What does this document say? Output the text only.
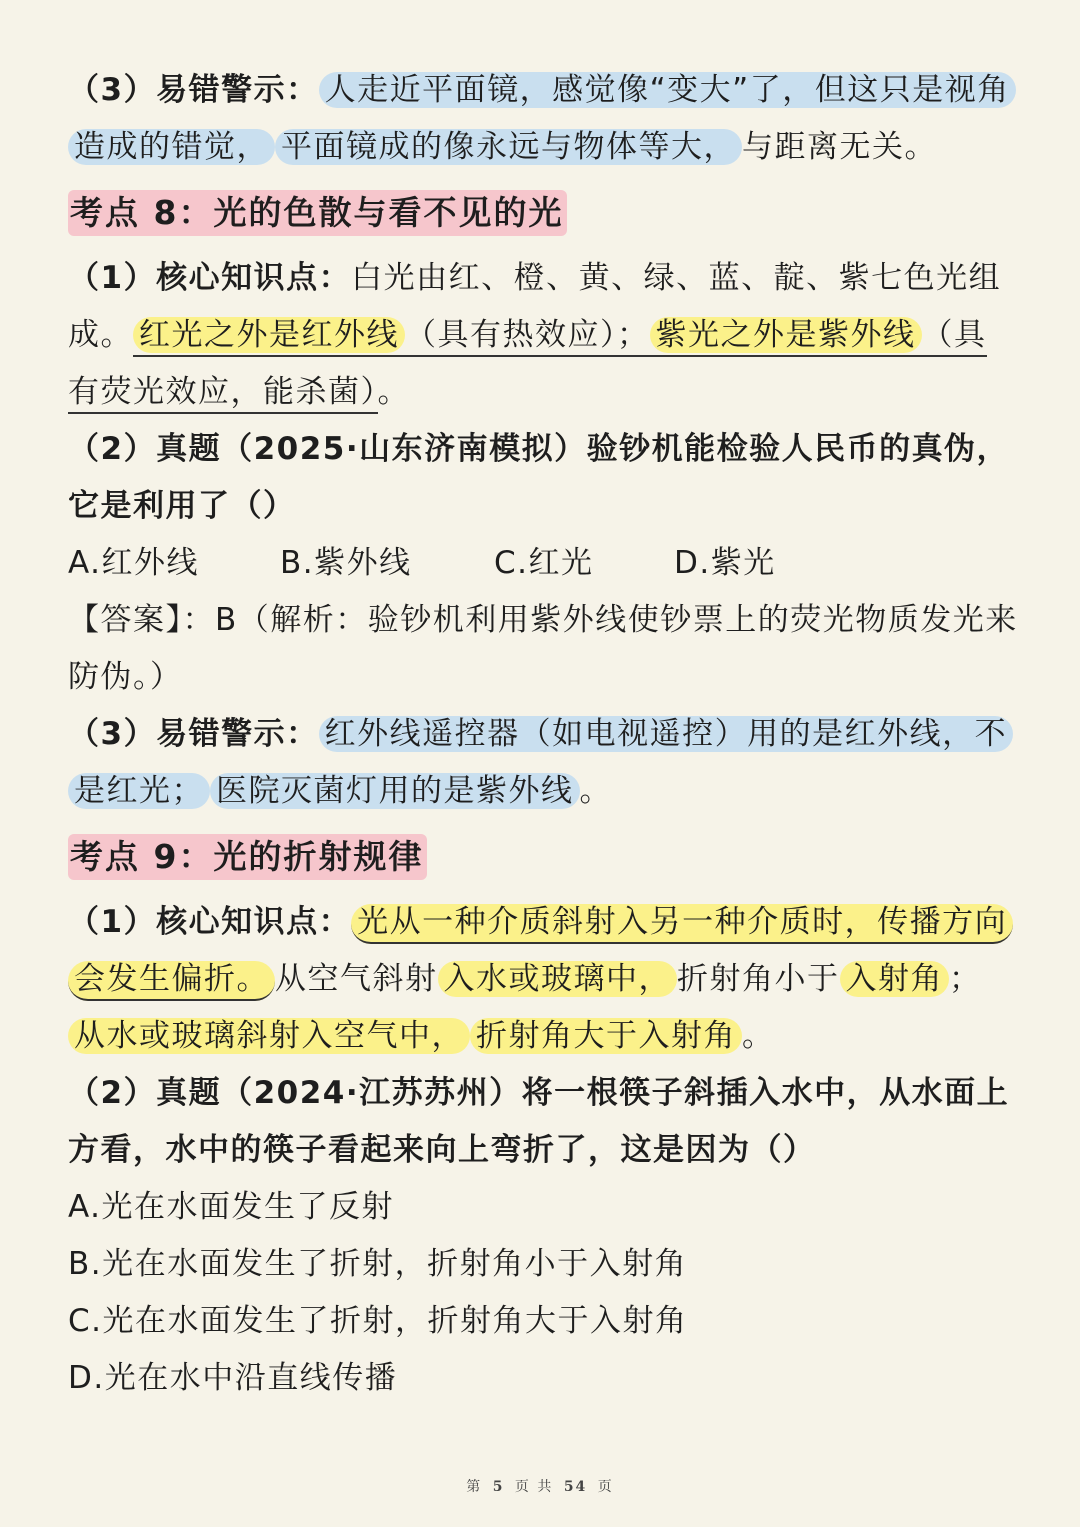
（3）易错警示： 人走近平面镜，感觉像“变大”了，但这只是视角造成的错觉， 平面镜成的像永远与物体等大， 与距离无关。

考点 8：光的色散与看不见的光

（1）核心知识点：白光由红、橙、黄、绿、蓝、靛、紫七色光组成。 红光之外是红外线 （具有热效应）； 紫光之外是紫外线 （具有荧光效应，能杀菌）。

（2）真题（2025·山东济南模拟）验钞机能检验人民币的真伪，它是利用了（）

A.红外线	B.紫外线	C.红光	D.紫光

【答案】：B（解析：验钞机利用紫外线使钞票上的荧光物质发光来防伪。）

（3）易错警示： 红外线遥控器（如电视遥控）用的是红外线，不是红光； 医院灭菌灯用的是紫外线 。

考点 9：光的折射规律

（1）核心知识点： 光从一种介质斜射入另一种介质时，传播方向会发生偏折。 从空气斜射 入水或玻璃中， 折射角小于 入射角 ；从水或玻璃斜射入空气中， 折射角大于入射角 。

（2）真题（2024·江苏苏州）将一根筷子斜插入水中，从水面上方看，水中的筷子看起来向上弯折了，这是因为（）

A.光在水面发生了反射

B.光在水面发生了折射，折射角小于入射角

C.光在水面发生了折射，折射角大于入射角

D.光在水中沿直线传播

第 5 页 共 54 页
